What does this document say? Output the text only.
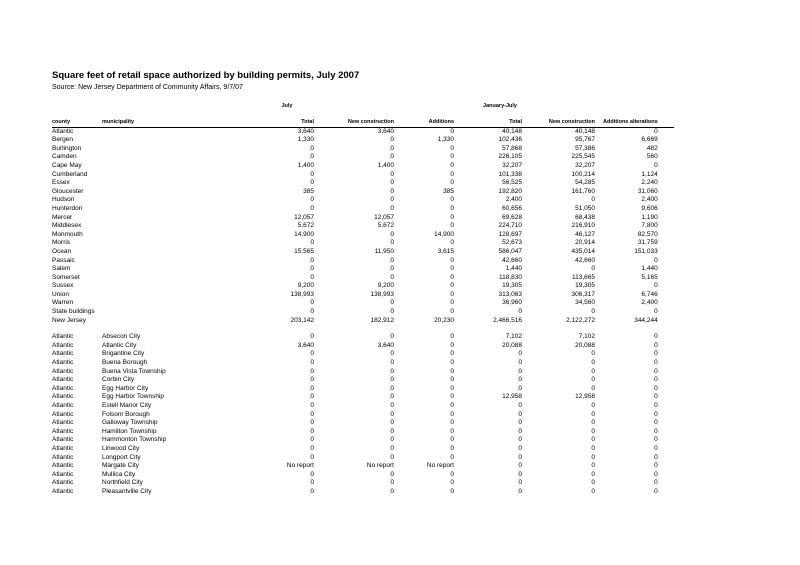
Square feet of retail space authorized by building permits, July 2007
Source: New Jersey Department of Community Affairs, 9/7/07
July	January-July
county	municipality	Total	New construction	Additions	Total	New construction	Additions alterations	
Atlantic		3,640	3,640	0	40,148	40,148	0	
Bergen		1,330	0	1,330	102,436	95,767	6,669	
Burlington		0	0	0	57,868	57,386	482	
Camden		0	0	0	226,105	225,545	560	
Cape May		1,400	1,400	0	32,207	32,207	0	
Cumberland		0	0	0	101,338	100,214	1,124	
Essex		0	0	0	56,525	54,285	2,240	
Gloucester		385	0	385	192,820	161,760	31,060	
Hudson		0	0	0	2,400	0	2,400	
Hunterdon		0	0	0	60,656	51,050	9,606	
Mercer		12,057	12,057	0	69,628	68,438	1,190	
Middlesex		5,672	5,672	0	224,710	216,910	7,800	
Monmouth		14,900	0	14,900	128,697	46,127	82,570	
Morris		0	0	0	52,673	20,914	31,759	
Ocean		15,565	11,950	3,615	586,047	435,014	151,033	
Passaic		0	0	0	42,660	42,660	0	
Salem		0	0	0	1,440	0	1,440	
Somerset		0	0	0	118,830	113,665	5,165	
Sussex		9,200	9,200	0	19,305	19,305	0	
Union		138,993	138,993	0	313,063	306,317	6,746	
Warren		0	0	0	36,960	34,560	2,400	
State buildings		0	0	0	0	0	0	
New Jersey		203,142	182,912	20,230	2,466,516	2,122,272	344,244	

Atlantic	Absecon City	0	0	0	7,102	7,102	0	
Atlantic	Atlantic City	3,640	3,640	0	20,088	20,088	0	
Atlantic	Brigantine City	0	0	0	0	0	0	
Atlantic	Buena Borough	0	0	0	0	0	0	
Atlantic	Buena Vista Township	0	0	0	0	0	0	
Atlantic	Corbin City	0	0	0	0	0	0	
Atlantic	Egg Harbor City	0	0	0	0	0	0	
Atlantic	Egg Harbor Township	0	0	0	12,958	12,958	0	
Atlantic	Estell Manor City	0	0	0	0	0	0	
Atlantic	Folsom Borough	0	0	0	0	0	0	
Atlantic	Galloway Township	0	0	0	0	0	0	
Atlantic	Hamilton Township	0	0	0	0	0	0	
Atlantic	Hammonton Township	0	0	0	0	0	0	
Atlantic	Linwood City	0	0	0	0	0	0	
Atlantic	Longport City	0	0	0	0	0	0	
Atlantic	Margate City	No report	No report	No report	0	0	0	
Atlantic	Mullica City	0	0	0	0	0	0	
Atlantic	Northfield City	0	0	0	0	0	0	
Atlantic	Pleasantville City	0	0	0	0	0	0	
